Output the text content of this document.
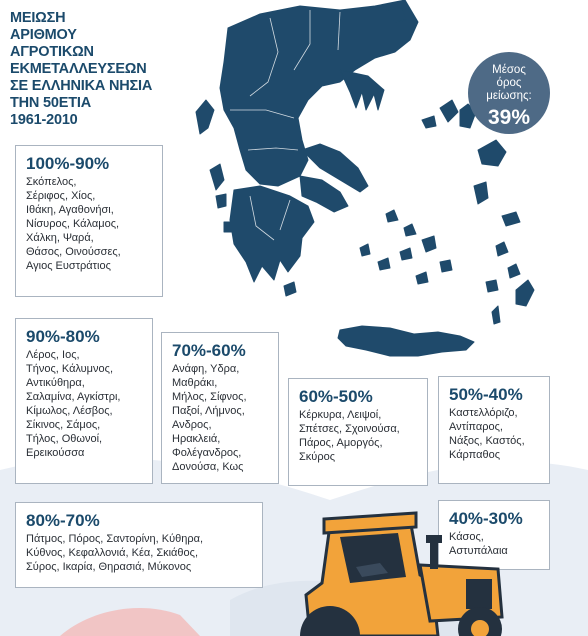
ΜΕΙΩΣΗ
ΑΡΙΘΜΟΥ
ΑΓΡΟΤΙΚΩΝ
ΕΚΜΕΤΑΛΛΕΥΣΕΩΝ
ΣΕ ΕΛΛΗΝΙΚΑ ΝΗΣΙΑ
ΤΗΝ 50ΕΤΙΑ
1961-2010
Μέσος
όρος
μείωσης:
39%
100%-90%
Σκόπελος,
Σέριφος, Χίος,
Ιθάκη, Αγαθονήσι,
Νίσυρος, Κάλαμος,
Χάλκη, Ψαρά,
Θάσος, Οινούσσες,
Αγιος Ευστράτιος
90%-80%
Λέρος, Ιος,
Τήνος, Κάλυμνος,
Αντικύθηρα,
Σαλαμίνα, Αγκίστρι,
Κίμωλος, Λέσβος,
Σίκινος, Σάμος,
Τήλος, Οθωνοί,
Ερεικούσσα
70%-60%
Ανάφη, Υδρα,
Μαθράκι,
Μήλος, Σίφνος,
Παξοί, Λήμνος,
Ανδρος,
Ηρακλειά,
Φολέγανδρος,
Δονούσα, Κως
60%-50%
Κέρκυρα, Λειψοί,
Σπέτσες, Σχοινούσα,
Πάρος, Αμοργός,
Σκύρος
50%-40%
Καστελλόριζο,
Αντίπαρος,
Νάξος, Καστός,
Κάρπαθος
80%-70%
Πάτμος, Πόρος, Σαντορίνη, Κύθηρα,
Κύθνος, Κεφαλλονιά, Κέα, Σκιάθος,
Σύρος, Ικαρία, Θηρασιά, Μύκονος
40%-30%
Κάσος,
Αστυπάλαια
